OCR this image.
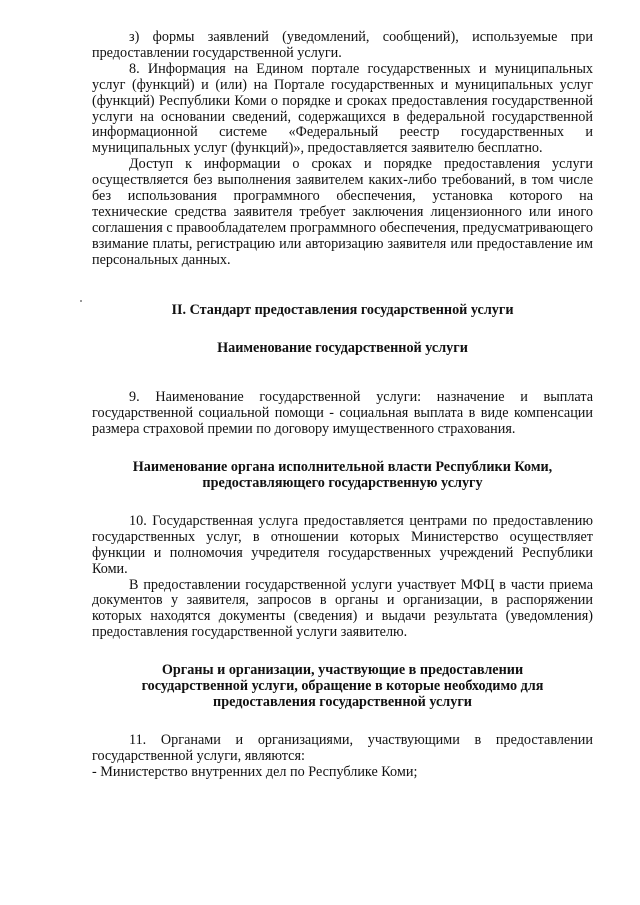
з) формы заявлений (уведомлений, сообщений), используемые при предоставлении государственной услуги.

8. Информация на Едином портале государственных и муниципальных услуг (функций) и (или) на Портале государственных и муниципальных услуг (функций) Республики Коми о порядке и сроках предоставления государственной услуги на основании сведений, содержащихся в федеральной государственной информационной системе «Федеральный реестр государственных и муниципальных услуг (функций)», предоставляется заявителю бесплатно.

Доступ к информации о сроках и порядке предоставления услуги осуществляется без выполнения заявителем каких-либо требований, в том числе без использования программного обеспечения, установка которого на технические средства заявителя требует заключения лицензионного или иного соглашения с правообладателем программного обеспечения, предусматривающего взимание платы, регистрацию или авторизацию заявителя или предоставление им персональных данных.

II. Стандарт предоставления государственной услуги
Наименование государственной услуги

9. Наименование государственной услуги: назначение и выплата государственной социальной помощи - социальная выплата в виде компенсации размера страховой премии по договору имущественного страхования.

Наименование органа исполнительной власти Республики Коми,
предоставляющего государственную услугу

10. Государственная услуга предоставляется центрами по предоставлению государственных услуг, в отношении которых Министерство осуществляет функции и полномочия учредителя государственных учреждений Республики Коми.

В предоставлении государственной услуги участвует МФЦ в части приема документов у заявителя, запросов в органы и организации, в распоряжении которых находятся документы (сведения) и выдачи результата (уведомления) предоставления государственной услуги заявителю.

Органы и организации, участвующие в предоставлении
государственной услуги, обращение в которые необходимо для
предоставления государственной услуги

11. Органами и организациями, участвующими в предоставлении государственной услуги, являются:

- Министерство внутренних дел по Республике Коми;
